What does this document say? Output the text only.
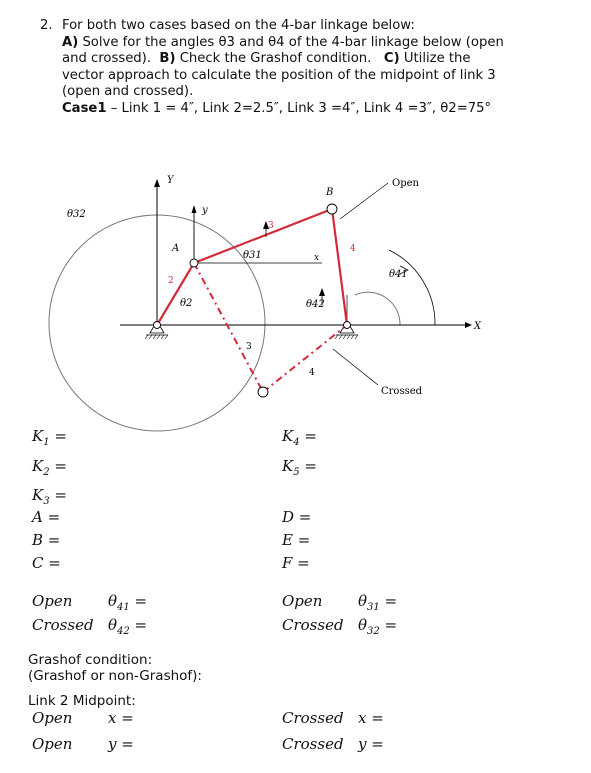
2. For both two cases based on the 4-bar linkage below:
A) Solve for the angles θ3 and θ4 of the 4-bar linkage below (open
and crossed). B) Check the Grashof condition. C) Utilize the
vector approach to calculate the position of the midpoint of link 3
(open and crossed).
Case1 – Link 1 = 4″, Link 2=2.5″, Link 3 =4″, Link 4 =3″, θ2=75°
Y
y
X
x
A
B
2
3
3
4
4
θ2
θ31
θ32
θ41
θ42
Open
Crossed
$K_1$ =
$K_2$ =
$K_3$ =
$K_4$ =
$K_5$ =
A =
B =
C =
D =
E =
F =
Open
Crossed
$\theta_{41}$ =
$\theta_{42}$ =
Open
Crossed
$\theta_{31}$ =
$\theta_{32}$ =
Grashof condition:
(Grashof or non-Grashof):
Link 2 Midpoint:
Open
Open
x =
y =
Crossed
Crossed
x =
y =
